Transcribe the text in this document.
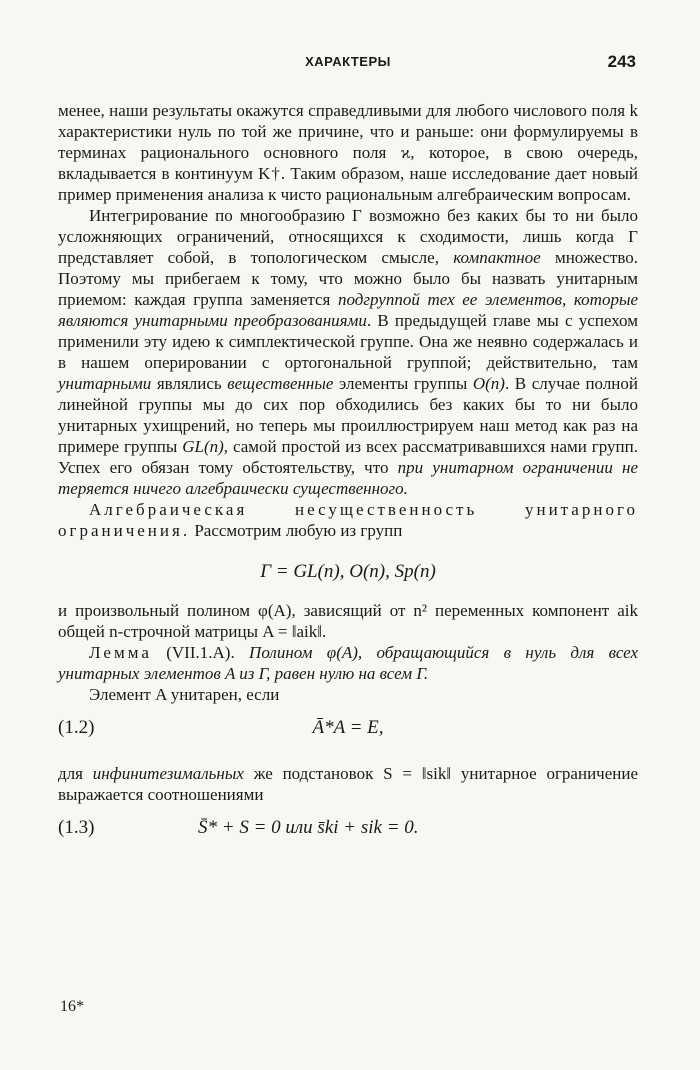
ХАРАКТЕРЫ	243

менее, наши результаты окажутся справедливыми для любого числового поля k характеристики нуль по той же причине, что и раньше: они формулируемы в терминах рационального основного поля ϰ, которое, в свою очередь, вкладывается в континуум K†. Таким образом, наше исследование дает новый пример применения анализа к чисто рациональным алгебраическим вопросам.

Интегрирование по многообразию Γ возможно без каких бы то ни было усложняющих ограничений, относящихся к сходимости, лишь когда Γ представляет собой, в топологическом смысле, компактное множество. Поэтому мы прибегаем к тому, что можно было бы назвать унитарным приемом: каждая группа заменяется подгруппой тех ее элементов, которые являются унитарными преобразованиями. В предыдущей главе мы с успехом применили эту идею к симплектической группе. Она же неявно содержалась и в нашем оперировании с ортогональной группой; действительно, там унитарными являлись вещественные элементы группы O(n). В случае полной линейной группы мы до сих пор обходились без каких бы то ни было унитарных ухищрений, но теперь мы проиллюстрируем наш метод как раз на примере группы GL(n), самой простой из всех рассматривавшихся нами групп. Успех его обязан тому обстоятельству, что при унитарном ограничении не теряется ничего алгебраически существенного.

Алгебраическая несущественность унитарного ограничения. Рассмотрим любую из групп

Γ = GL(n), O(n), Sp(n)

и произвольный полином φ(A), зависящий от n² переменных компонент aik общей n-строчной матрицы A = ‖aik‖.

Лемма (VII.1.A). Полином φ(A), обращающийся в нуль для всех унитарных элементов A из Γ, равен нулю на всем Γ.

Элемент A унитарен, если

(1.2)	Ā*A = E,

для инфинитезимальных же подстановок S = ‖sik‖ унитарное ограничение выражается соотношениями

(1.3)	S̄* + S = 0 или s̄ki + sik = 0.
16*
